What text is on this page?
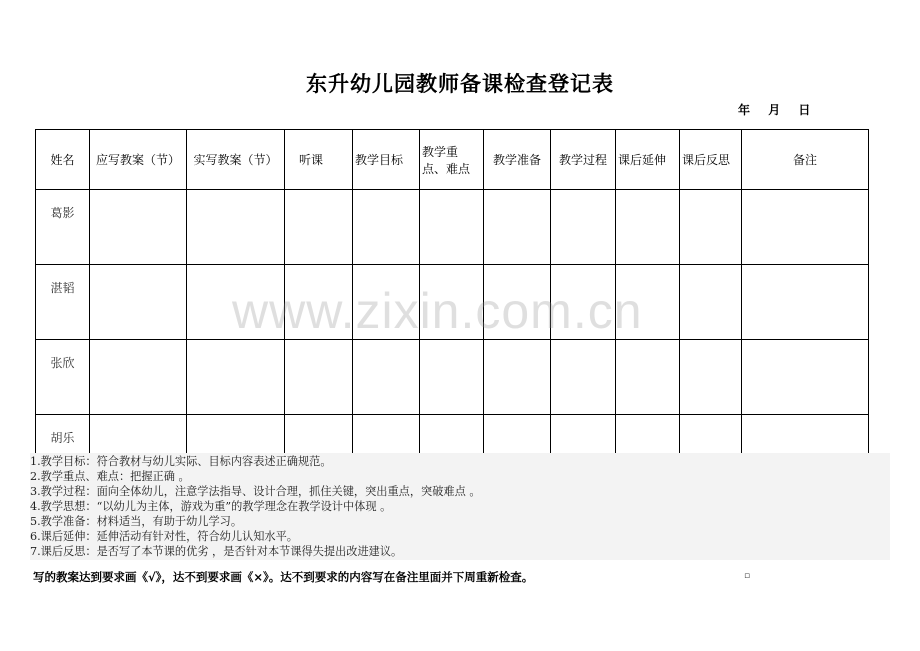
东升幼儿园教师备课检查登记表
年 月 日
姓名	应写教案（节）	实写教案（节）	听课	教学目标	教学重点、难点	教学准备	教学过程	课后延伸	课后反思	备注
葛影										
湛韬										
张欣										
胡乐										
www.zixin.com.cn
1.教学目标：符合教材与幼儿实际、目标内容表述正确规范。
2.教学重点、难点：把握正确 。
3.教学过程：面向全体幼儿，注意学法指导、设计合理，抓住关键，突出重点，突破难点 。
4.教学思想：“以幼儿为主体，游戏为重”的教学理念在教学设计中体现 。
5.教学准备：材料适当，有助于幼儿学习。
6.课后延伸：延伸活动有针对性，符合幼儿认知水平。
7.课后反思：是否写了本节课的优劣 ，是否针对本节课得失提出改进建议。
写的教案达到要求画《√》，达不到要求画《×》。达不到要求的内容写在备注里面并下周重新检查。	▫
